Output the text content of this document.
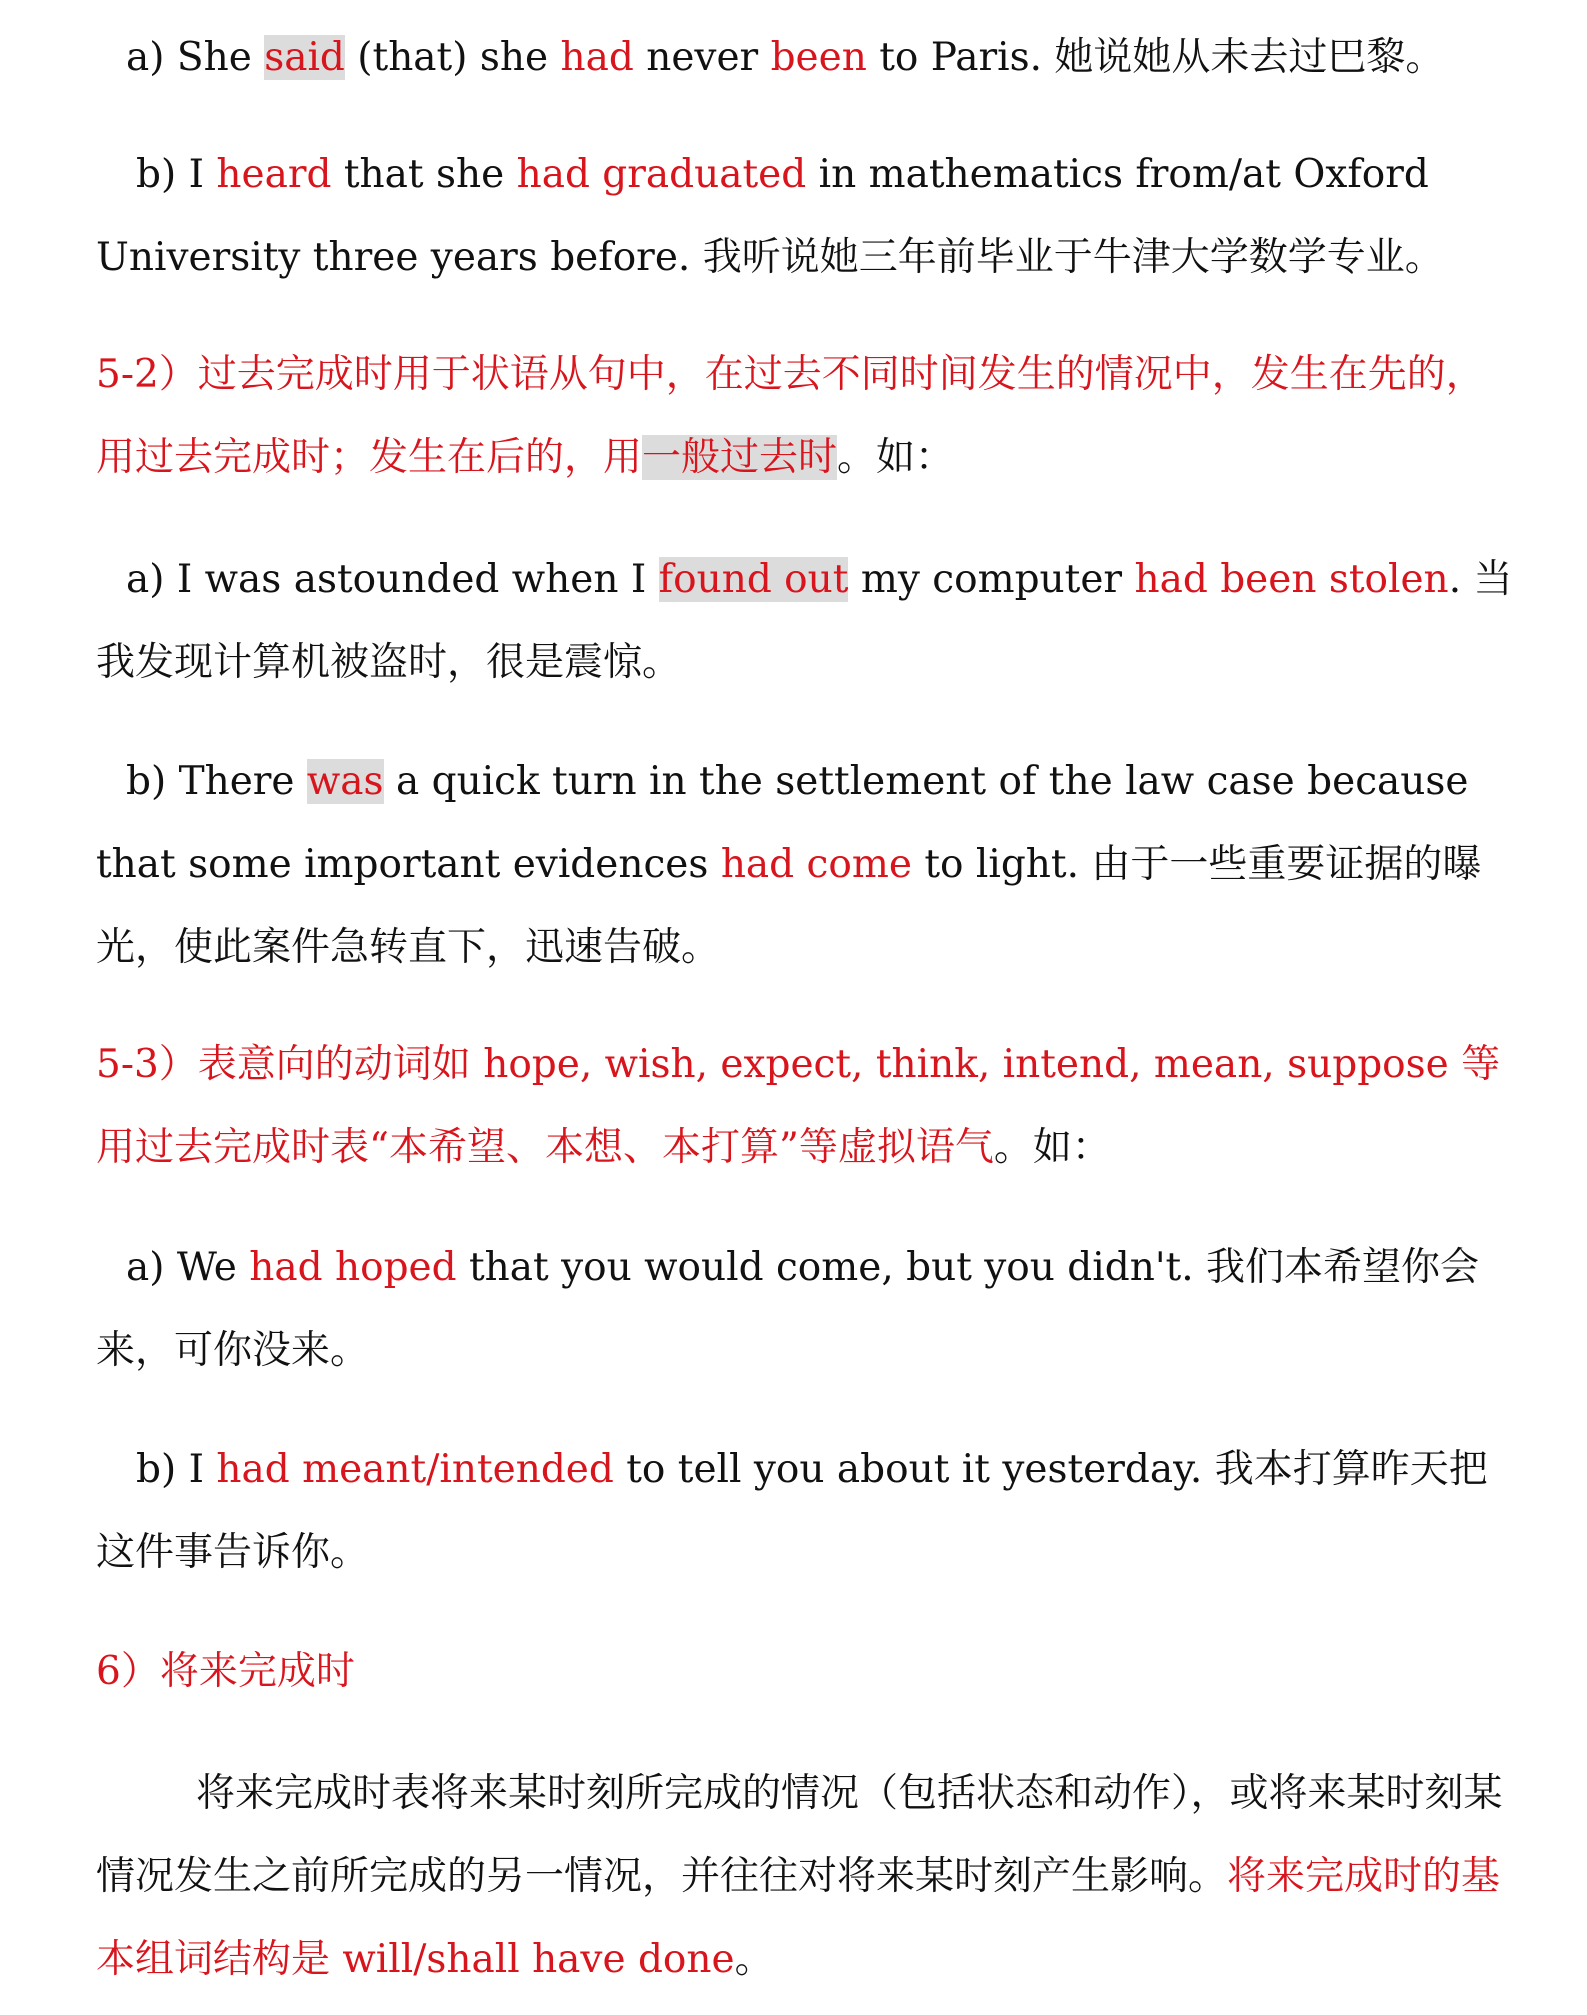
a) She said (that) she had never been to Paris. 她说她从未去过巴黎。

b) I heard that she had graduated in mathematics from/at Oxford University three years before. 我听说她三年前毕业于牛津大学数学专业。

5-2）过去完成时用于状语从句中，在过去不同时间发生的情况中，发生在先的，用过去完成时；发生在后的，用一般过去时。如：

a) I was astounded when I found out my computer had been stolen. 当我发现计算机被盗时，很是震惊。

b) There was a quick turn in the settlement of the law case because that some important evidences had come to light. 由于一些重要证据的曝光，使此案件急转直下，迅速告破。

5-3）表意向的动词如 hope, wish, expect, think, intend, mean, suppose 等用过去完成时表“本希望、本想、本打算”等虚拟语气。如：

a) We had hoped that you would come, but you didn't. 我们本希望你会来，可你没来。

b) I had meant/intended to tell you about it yesterday. 我本打算昨天把这件事告诉你。

6）将来完成时

将来完成时表将来某时刻所完成的情况（包括状态和动作），或将来某时刻某情况发生之前所完成的另一情况，并往往对将来某时刻产生影响。将来完成时的基本组词结构是 will/shall have done。
